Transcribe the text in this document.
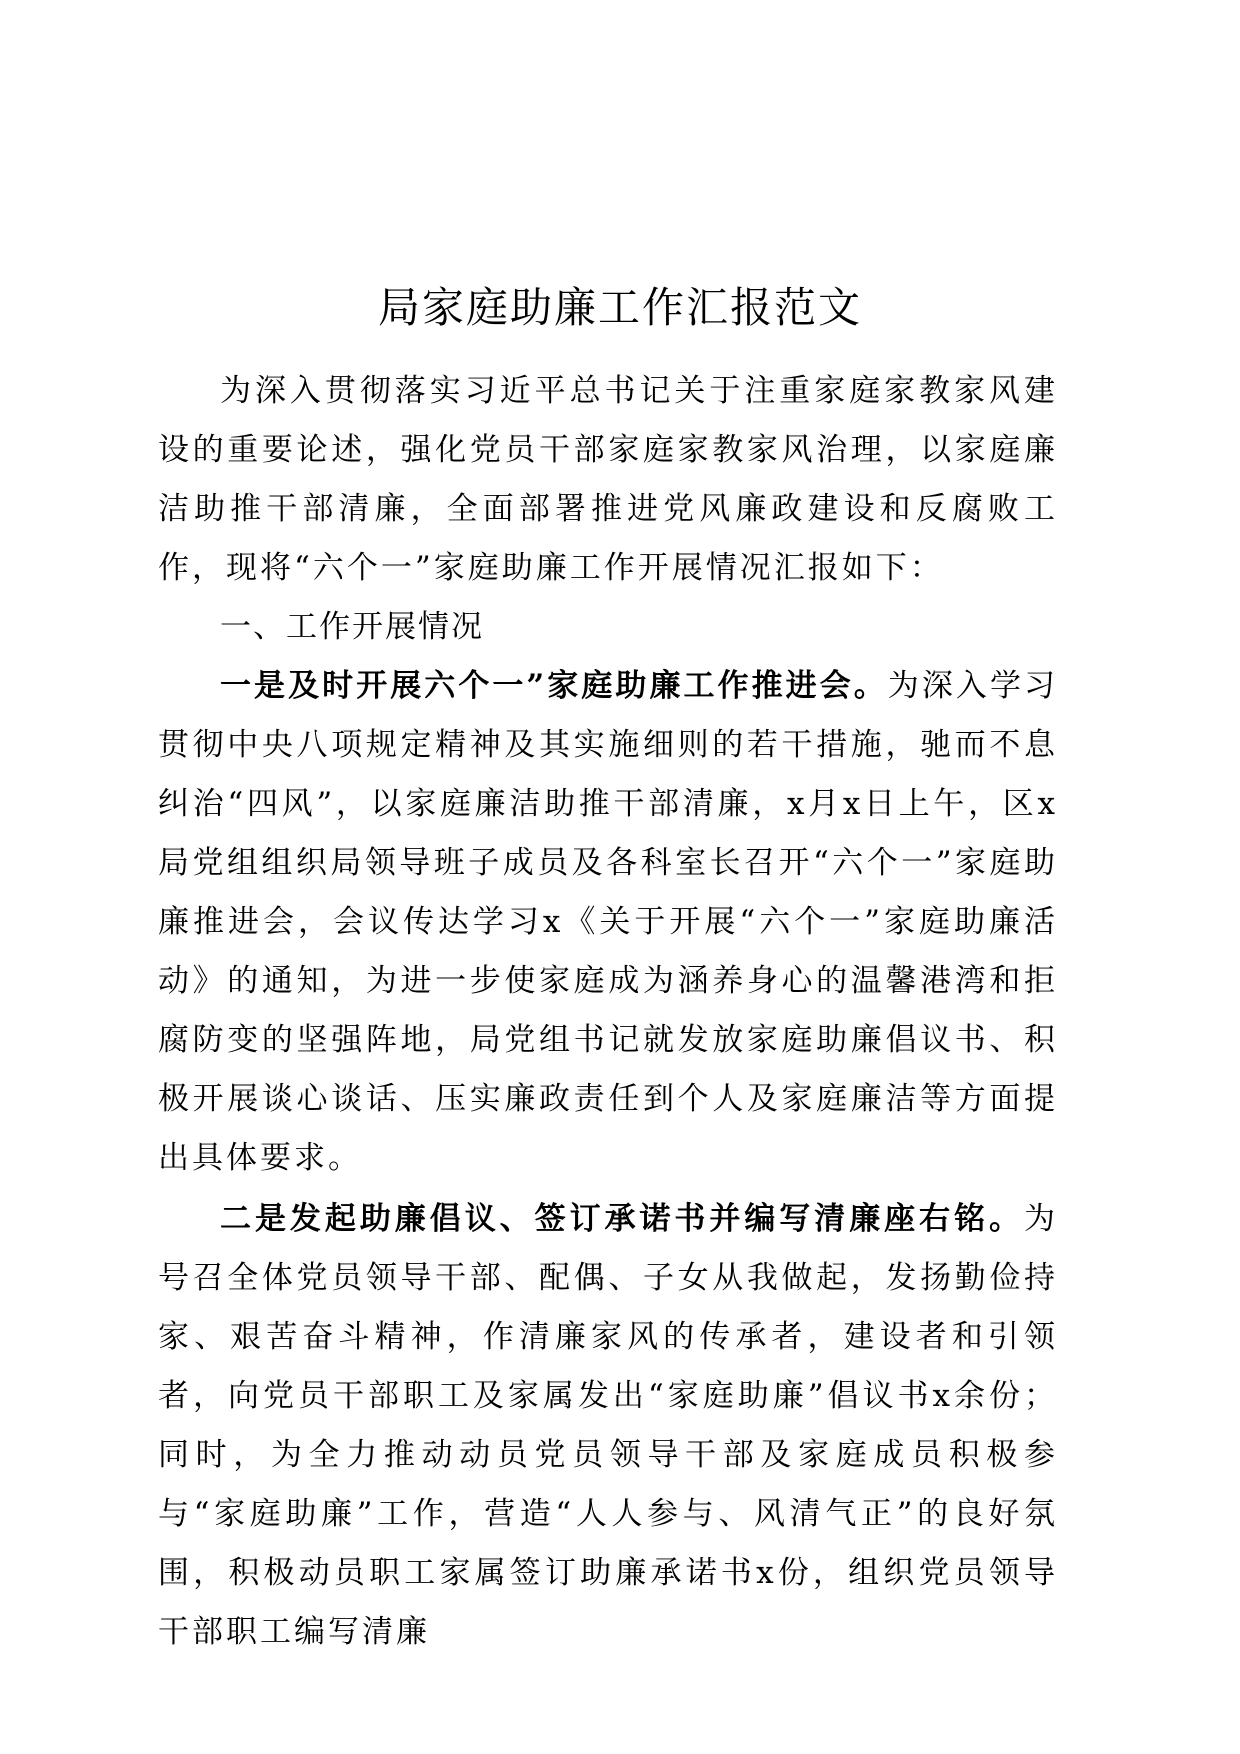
局家庭助廉工作汇报范文

为深入贯彻落实习近平总书记关于注重家庭家教家风建设的重要论述，强化党员干部家庭家教家风治理，以家庭廉洁助推干部清廉，全面部署推进党风廉政建设和反腐败工作，现将“六个一”家庭助廉工作开展情况汇报如下：

一、工作开展情况

一是及时开展六个一”家庭助廉工作推进会。为深入学习贯彻中央八项规定精神及其实施细则的若干措施，驰而不息纠治“四风”，以家庭廉洁助推干部清廉，x月x日上午，区x局党组组织局领导班子成员及各科室长召开“六个一”家庭助廉推进会，会议传达学习x《关于开展“六个一”家庭助廉活动》的通知，为进一步使家庭成为涵养身心的温馨港湾和拒腐防变的坚强阵地，局党组书记就发放家庭助廉倡议书、积极开展谈心谈话、压实廉政责任到个人及家庭廉洁等方面提出具体要求。

二是发起助廉倡议、签订承诺书并编写清廉座右铭。为号召全体党员领导干部、配偶、子女从我做起，发扬勤俭持家、艰苦奋斗精神，作清廉家风的传承者，建设者和引领者，向党员干部职工及家属发出“家庭助廉”倡议书x余份；同时，为全力推动动员党员领导干部及家庭成员积极参与“家庭助廉”工作，营造“人人参与、风清气正”的良好氛围，积极动员职工家属签订助廉承诺书x份，组织党员领导干部职工编写清廉
